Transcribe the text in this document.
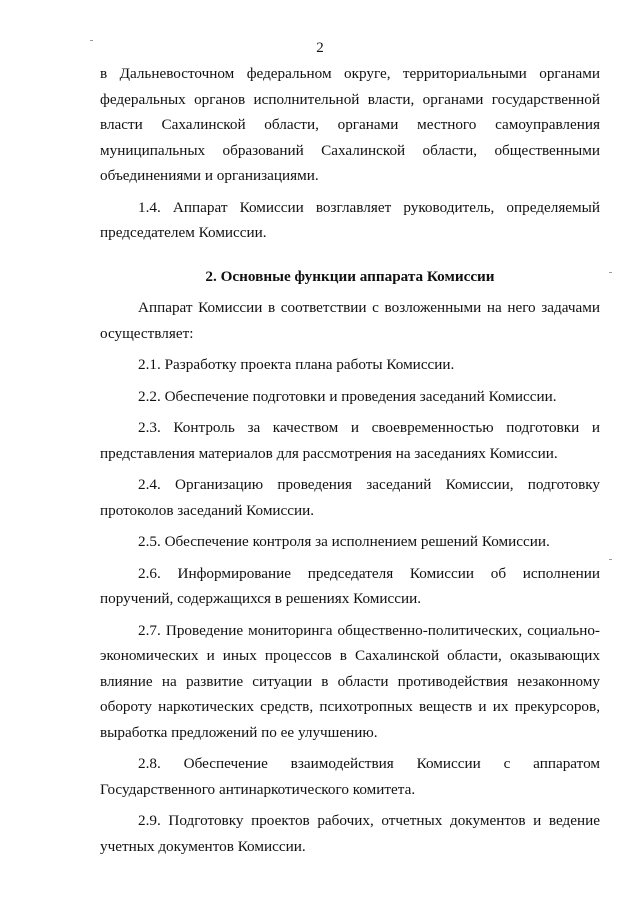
2

в Дальневосточном федеральном округе, территориальными органами
федеральных органов исполнительной власти, органами государственной
власти Сахалинской области, органами местного самоуправления
муниципальных образований Сахалинской области, общественными
объединениями и организациями.

1.4. Аппарат Комиссии возглавляет руководитель, определяемый
председателем Комиссии.

2. Основные функции аппарата Комиссии

Аппарат Комиссии в соответствии с возложенными на него задачами
осуществляет:

2.1. Разработку проекта плана работы Комиссии.

2.2. Обеспечение подготовки и проведения заседаний Комиссии.

2.3. Контроль за качеством и своевременностью подготовки и
представления материалов для рассмотрения на заседаниях Комиссии.

2.4. Организацию проведения заседаний Комиссии, подготовку
протоколов заседаний Комиссии.

2.5. Обеспечение контроля за исполнением решений Комиссии.

2.6. Информирование председателя Комиссии об исполнении
поручений, содержащихся в решениях Комиссии.

2.7. Проведение мониторинга общественно-политических, социально-
экономических и иных процессов в Сахалинской области, оказывающих
влияние на развитие ситуации в области противодействия незаконному
обороту наркотических средств, психотропных веществ и их прекурсоров,
выработка предложений по ее улучшению.

2.8. Обеспечение взаимодействия Комиссии с аппаратом
Государственного антинаркотического комитета.

2.9. Подготовку проектов рабочих, отчетных документов и ведение
учетных документов Комиссии.
